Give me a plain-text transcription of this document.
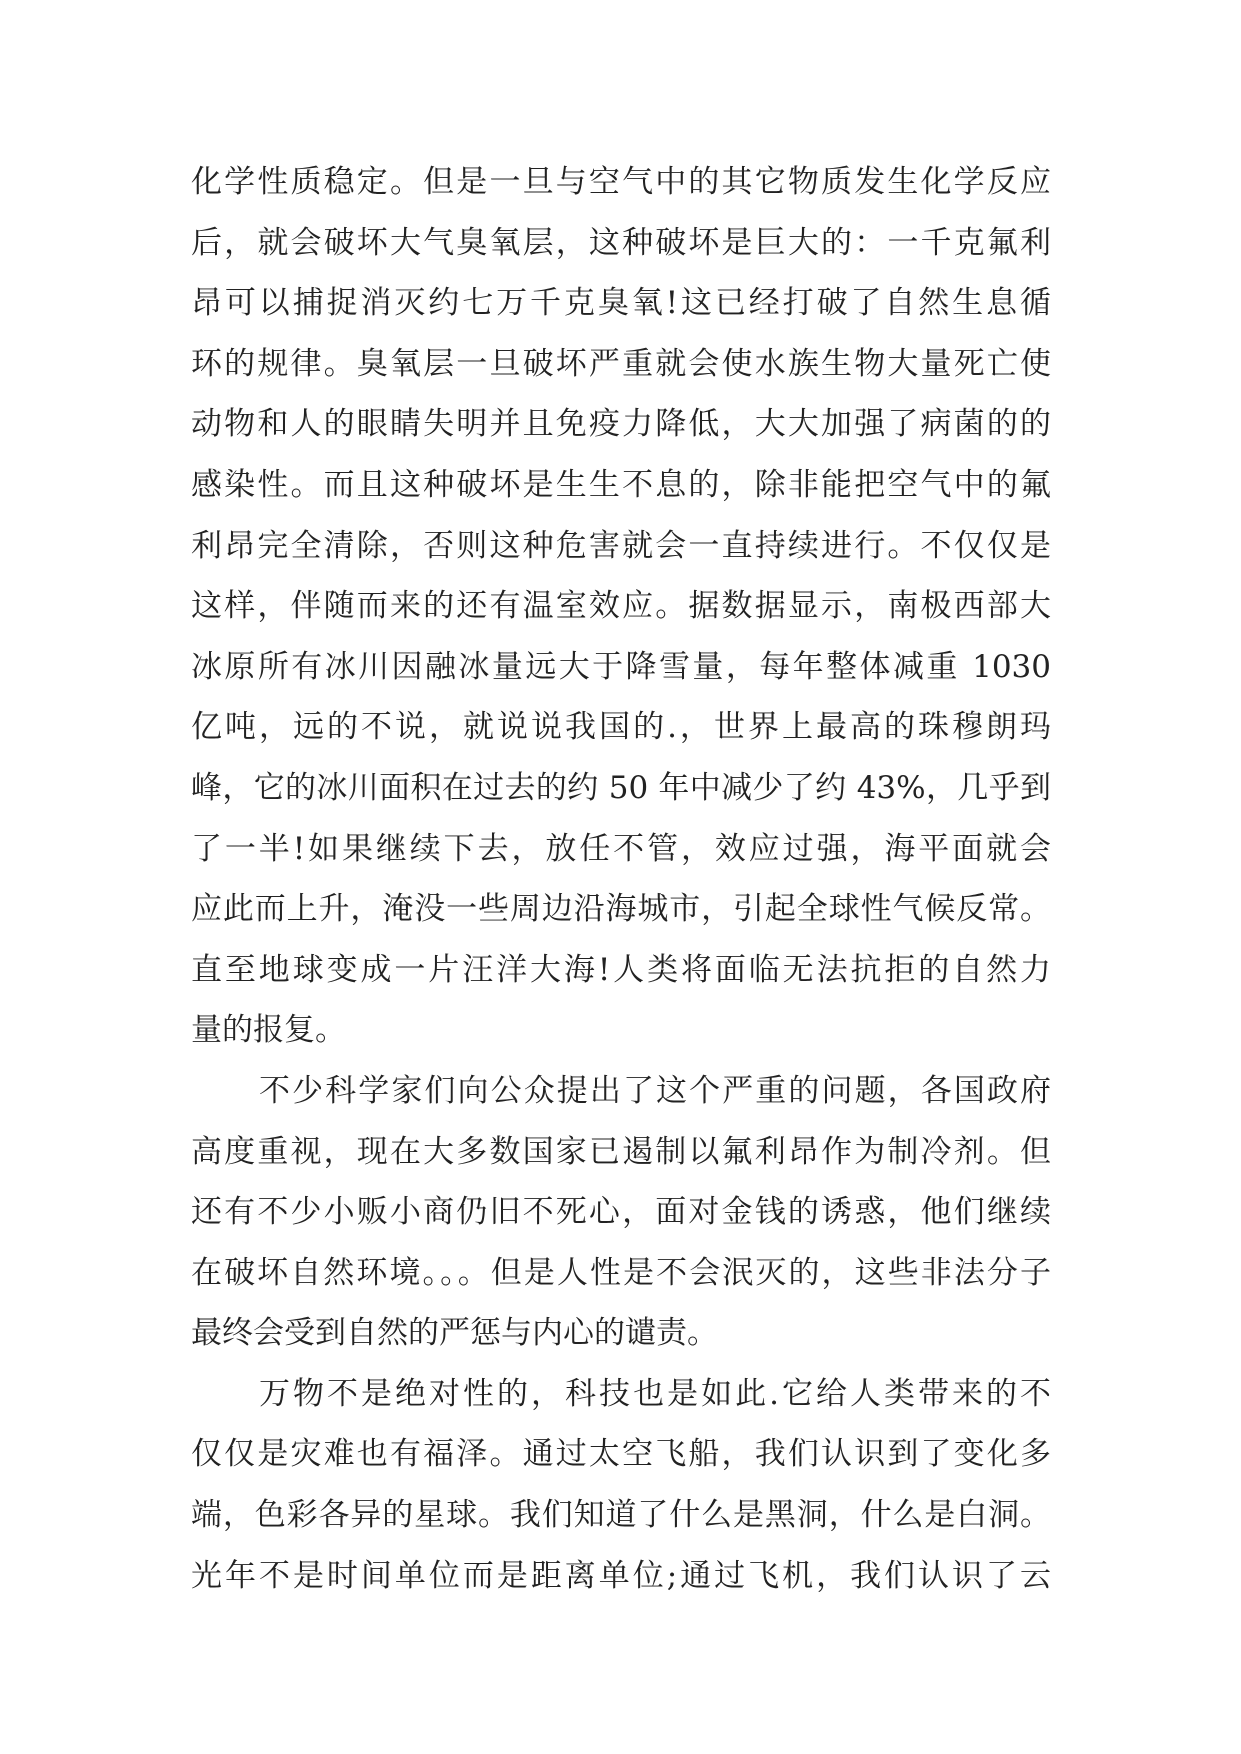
化学性质稳定。但是一旦与空气中的其它物质发生化学反应
后，就会破坏大气臭氧层，这种破坏是巨大的：一千克氟利
昂可以捕捉消灭约七万千克臭氧!这已经打破了自然生息循
环的规律。臭氧层一旦破坏严重就会使水族生物大量死亡使
动物和人的眼睛失明并且免疫力降低，大大加强了病菌的的
感染性。而且这种破坏是生生不息的，除非能把空气中的氟
利昂完全清除，否则这种危害就会一直持续进行。不仅仅是
这样，伴随而来的还有温室效应。据数据显示，南极西部大
冰原所有冰川因融冰量远大于降雪量，每年整体减重 1030
亿吨，远的不说，就说说我国的.，世界上最高的珠穆朗玛
峰，它的冰川面积在过去的约 50 年中减少了约 43%，几乎到
了一半!如果继续下去，放任不管，效应过强，海平面就会
应此而上升，淹没一些周边沿海城市，引起全球性气候反常。
直至地球变成一片汪洋大海!人类将面临无法抗拒的自然力
量的报复。
不少科学家们向公众提出了这个严重的问题，各国政府
高度重视，现在大多数国家已遏制以氟利昂作为制冷剂。但
还有不少小贩小商仍旧不死心，面对金钱的诱惑，他们继续
在破坏自然环境。。。但是人性是不会泯灭的，这些非法分子
最终会受到自然的严惩与内心的谴责。
万物不是绝对性的，科技也是如此.它给人类带来的不
仅仅是灾难也有福泽。通过太空飞船，我们认识到了变化多
端，色彩各异的星球。我们知道了什么是黑洞，什么是白洞。
光年不是时间单位而是距离单位;通过飞机，我们认识了云
